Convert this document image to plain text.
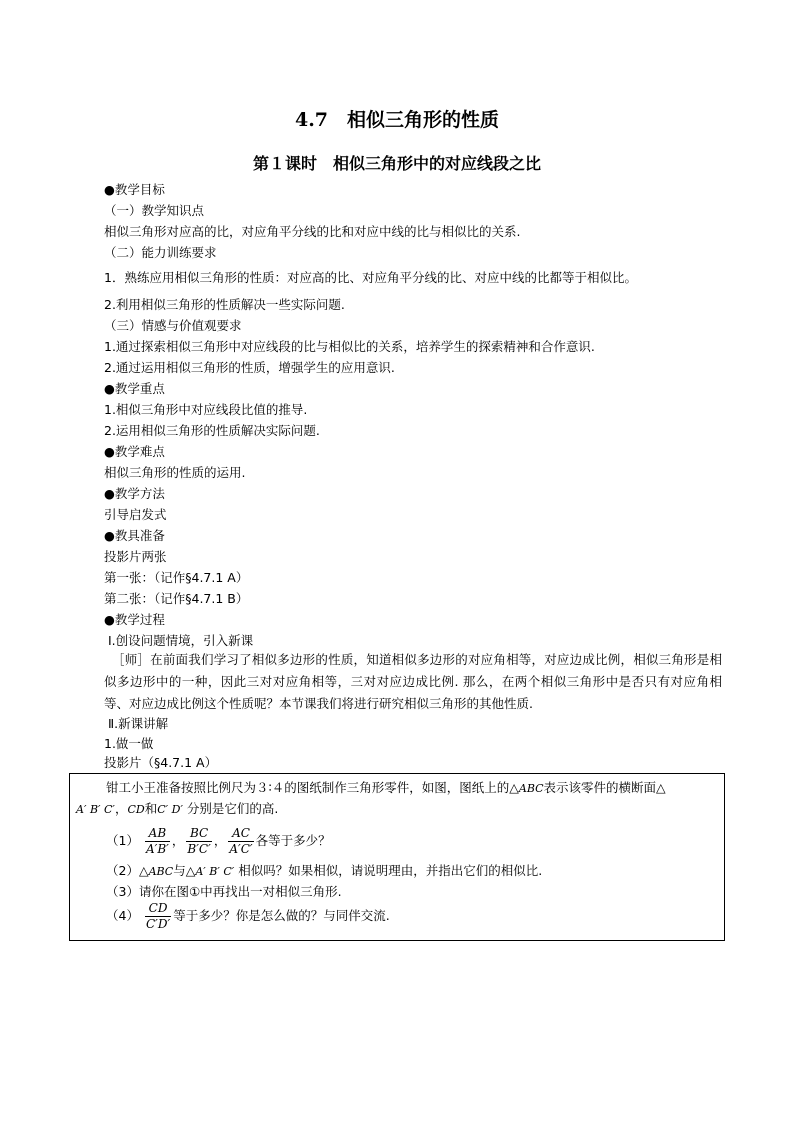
4.7　相似三角形的性质
第１课时　相似三角形中的对应线段之比
●教学目标
（一）教学知识点
相似三角形对应高的比，对应角平分线的比和对应中线的比与相似比的关系.
（二）能力训练要求
1．熟练应用相似三角形的性质：对应高的比、对应角平分线的比、对应中线的比都等于相似比。
2.利用相似三角形的性质解决一些实际问题.
（三）情感与价值观要求
1.通过探索相似三角形中对应线段的比与相似比的关系，培养学生的探索精神和合作意识.
2.通过运用相似三角形的性质，增强学生的应用意识.
●教学重点
1.相似三角形中对应线段比值的推导.
2.运用相似三角形的性质解决实际问题.
●教学难点
相似三角形的性质的运用.
●教学方法
引导启发式
●教具准备
投影片两张
第一张：（记作§4.7.1 A）
第二张：（记作§4.7.1 B）
●教学过程
Ⅰ.创设问题情境，引入新课
［师］在前面我们学习了相似多边形的性质，知道相似多边形的对应角相等，对应边成比例，相似三角形是相似多边形中的一种，因此三对对应角相等，三对对应边成比例. 那么，在两个相似三角形中是否只有对应角相等、对应边成比例这个性质呢？本节课我们将进行研究相似三角形的其他性质.
Ⅱ.新课讲解
1.做一做
投影片（§4.7.1 A）
钳工小王准备按照比例尺为３∶４的图纸制作三角形零件，如图，图纸上的△ABC表示该零件的横断面△
A′ B′ C′，CD和C′ D′ 分别是它们的高.
$(1) \frac{AB}{A'B'}$ ， $\frac{BC}{B'C'}$ ， $\frac{AC}{A'C'}$ 各等于多少？
（2）△ABC与△A′ B′ C′ 相似吗？如果相似，请说明理由，并指出它们的相似比.
（3）请你在图①中再找出一对相似三角形.
$(4) \frac{CD}{C'D'}$ 等于多少？你是怎么做的？与同伴交流.
